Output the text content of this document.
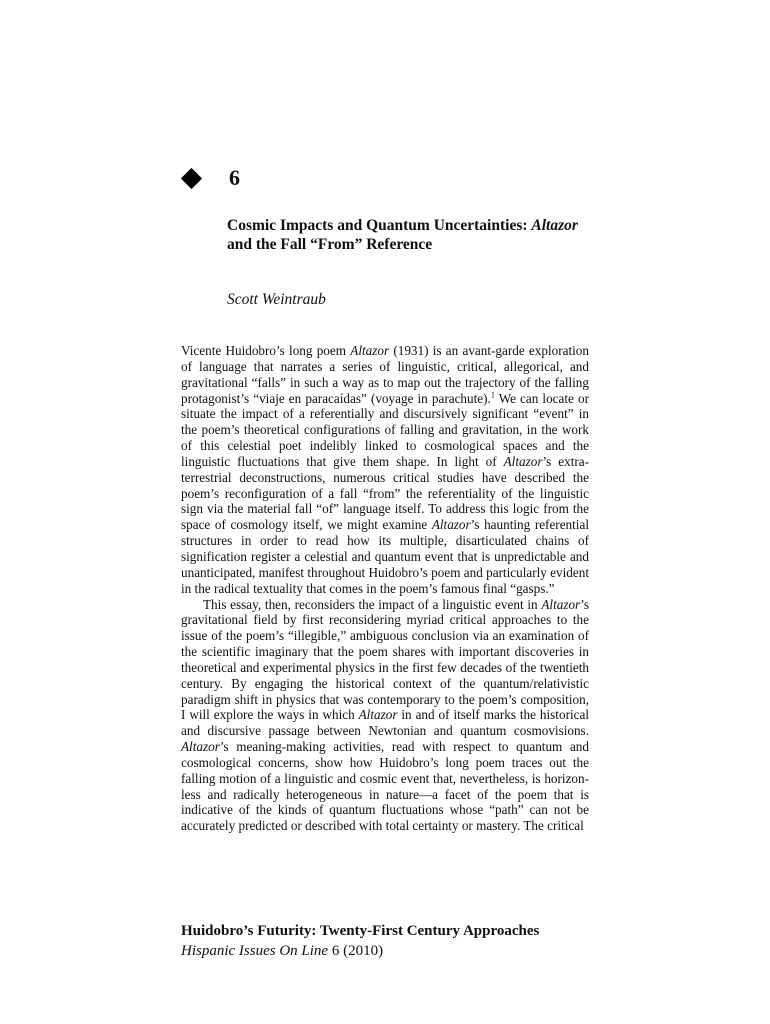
6
Cosmic Impacts and Quantum Uncertainties: Altazor
and the Fall “From” Reference
Scott Weintraub

Vicente Huidobro’s long poem Altazor (1931) is an avant-garde exploration of language that narrates a series of linguistic, critical, allegorical, and gravitational “falls” in such a way as to map out the trajectory of the falling protagonist’s “viaje en paracaídas” (voyage in parachute).$^1$ We can locate or situate the impact of a referentially and discursively significant “event” in the poem’s theoretical configurations of falling and gravitation, in the work of this celestial poet indelibly linked to cosmological spaces and the linguistic fluctuations that give them shape. In light of Altazor’s extra-terrestrial deconstructions, numerous critical studies have described the poem’s reconfiguration of a fall “from” the referentiality of the linguistic sign via the material fall “of” language itself. To address this logic from the space of cosmology itself, we might examine Altazor’s haunting referential structures in order to read how its multiple, disarticulated chains of signification register a celestial and quantum event that is unpredictable and unanticipated, manifest throughout Huidobro’s poem and particularly evident in the radical textuality that comes in the poem’s famous final “gasps.”

This essay, then, reconsiders the impact of a linguistic event in Altazor’s gravitational field by first reconsidering myriad critical approaches to the issue of the poem’s “illegible,” ambiguous conclusion via an examination of the scientific imaginary that the poem shares with important discoveries in theoretical and experimental physics in the first few decades of the twentieth century. By engaging the historical context of the quantum/relativistic paradigm shift in physics that was contemporary to the poem’s composition, I will explore the ways in which Altazor in and of itself marks the historical and discursive passage between Newtonian and quantum cosmovisions. Altazor’s meaning-making activities, read with respect to quantum and cosmological concerns, show how Huidobro’s long poem traces out the falling motion of a linguistic and cosmic event that, nevertheless, is horizon-less and radically heterogeneous in nature—a facet of the poem that is indicative of the kinds of quantum fluctuations whose “path” can not be accurately predicted or described with total certainty or mastery. The critical

Huidobro’s Futurity: Twenty-First Century Approaches
Hispanic Issues On Line 6 (2010)
